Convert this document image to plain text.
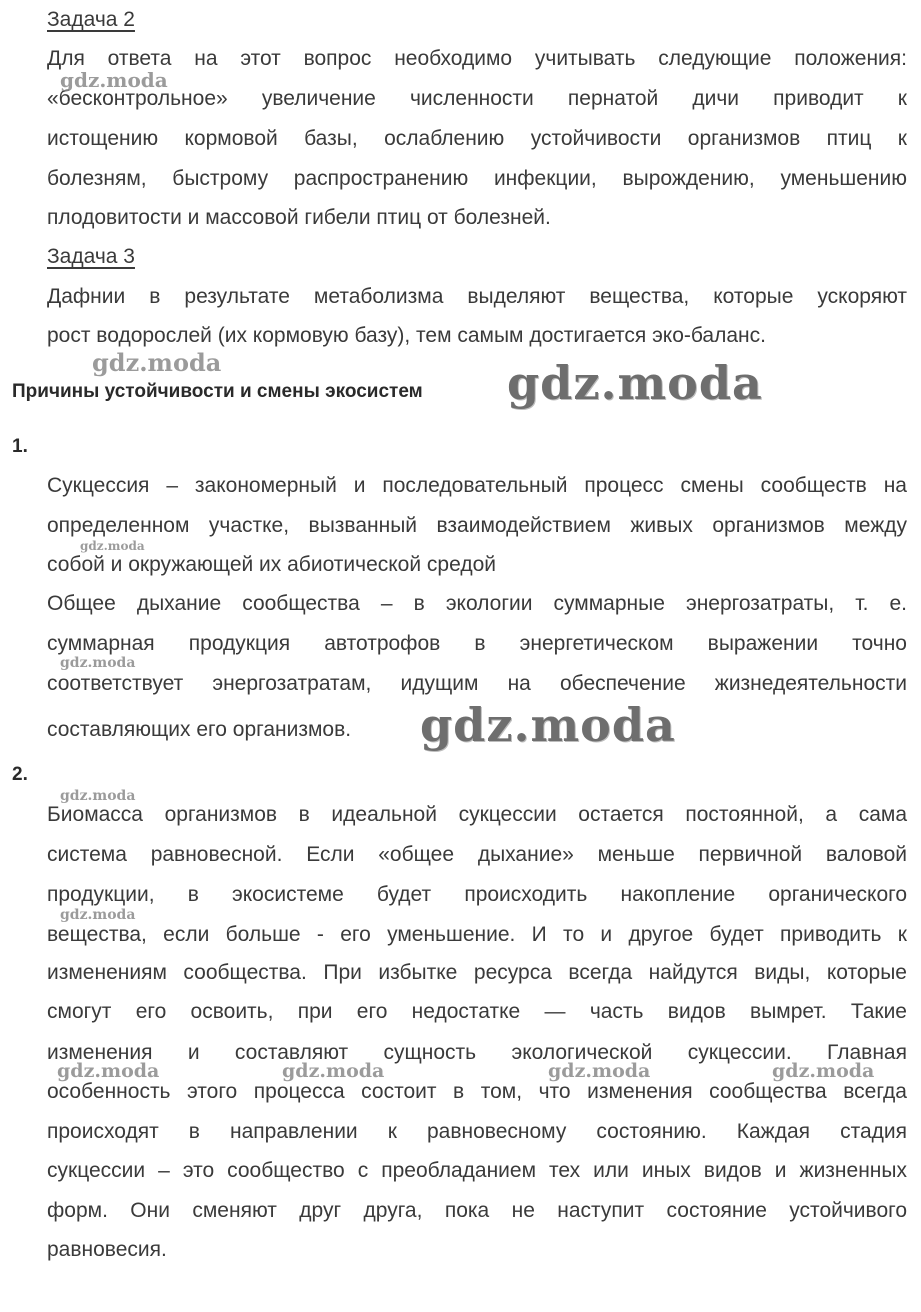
Задача 2
Для ответа на этот вопрос необходимо учитывать следующие положения:
«бесконтрольное» увеличение численности пернатой дичи приводит к
истощению кормовой базы, ослаблению устойчивости организмов птиц к
болезням, быстрому распространению инфекции, вырождению, уменьшению
плодовитости и массовой гибели птиц от болезней.
Задача 3
Дафнии в результате метаболизма выделяют вещества, которые ускоряют
рост водорослей (их кормовую базу), тем самым достигается эко-баланс.
Причины устойчивости и смены экосистем
1.
Сукцессия – закономерный и последовательный процесс смены сообществ на
определенном участке, вызванный взаимодействием живых организмов между
собой и окружающей их абиотической средой
Общее дыхание сообщества – в экологии суммарные энергозатраты, т. е.
суммарная продукция автотрофов в энергетическом выражении точно
соответствует энергозатратам, идущим на обеспечение жизнедеятельности
составляющих его организмов.
2.
Биомасса организмов в идеальной сукцессии остается постоянной, а сама
система равновесной. Если «общее дыхание» меньше первичной валовой
продукции, в экосистеме будет происходить накопление органического
вещества, если больше - его уменьшение. И то и другое будет приводить к
изменениям сообщества. При избытке ресурса всегда найдутся виды, которые
смогут его освоить, при его недостатке — часть видов вымрет. Такие
изменения и составляют сущность экологической сукцессии. Главная
особенность этого процесса состоит в том, что изменения сообщества всегда
происходят в направлении к равновесному состоянию. Каждая стадия
сукцессии – это сообщество с преобладанием тех или иных видов и жизненных
форм. Они сменяют друг друга, пока не наступит состояние устойчивого
равновесия.
gdz.moda
gdz.moda	gdz.moda
gdz.moda
gdz.moda
gdz.moda
gdz.moda
gdz.moda
gdz.moda	gdz.moda	gdz.moda	gdz.moda
